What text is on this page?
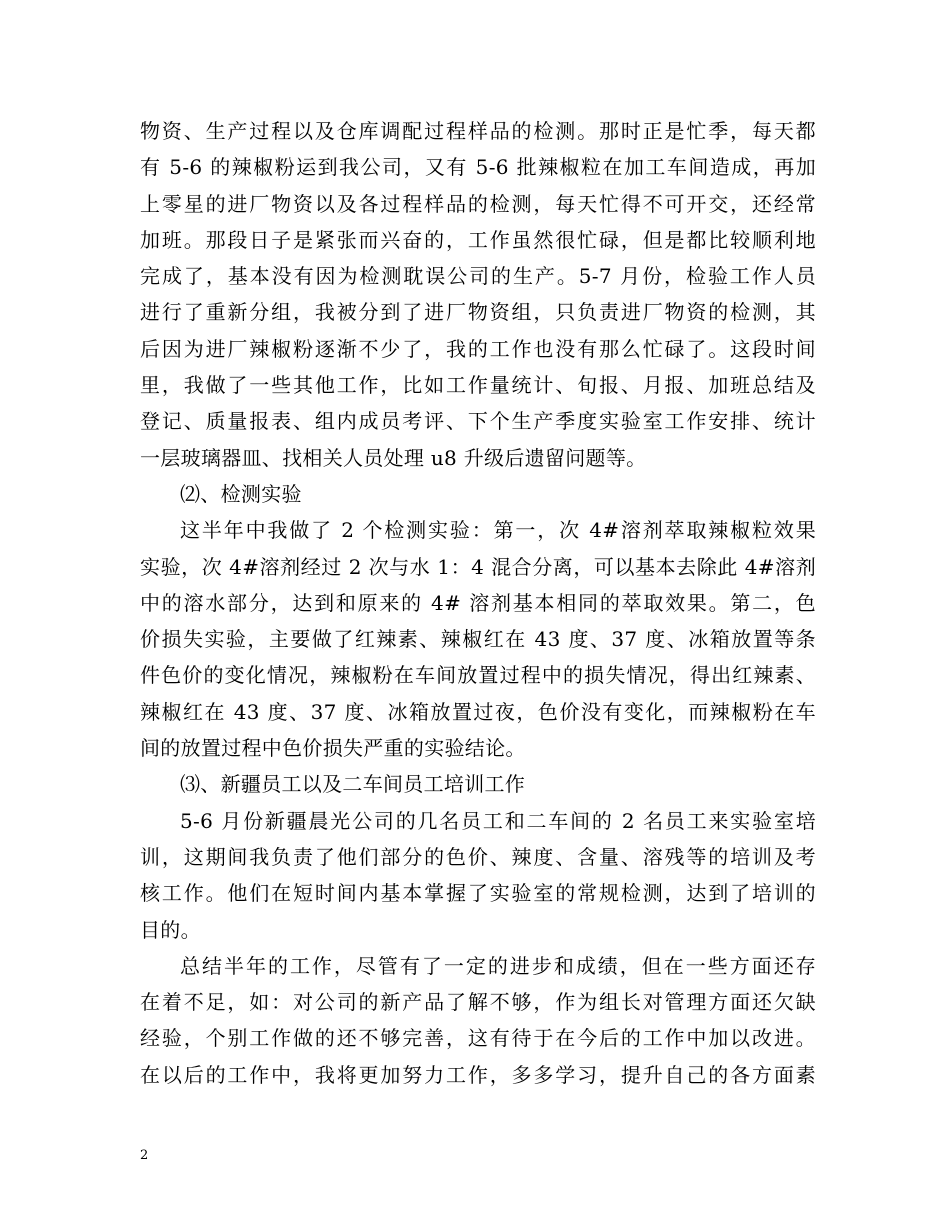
物资、生产过程以及仓库调配过程样品的检测。那时正是忙季，每天都
有 5-6 的辣椒粉运到我公司，又有 5-6 批辣椒粒在加工车间造成，再加
上零星的进厂物资以及各过程样品的检测，每天忙得不可开交，还经常
加班。那段日子是紧张而兴奋的，工作虽然很忙碌，但是都比较顺利地
完成了，基本没有因为检测耽误公司的生产。5-7 月份，检验工作人员
进行了重新分组，我被分到了进厂物资组，只负责进厂物资的检测，其
后因为进厂辣椒粉逐渐不少了，我的工作也没有那么忙碌了。这段时间
里，我做了一些其他工作，比如工作量统计、旬报、月报、加班总结及
登记、质量报表、组内成员考评、下个生产季度实验室工作安排、统计
一层玻璃器皿、找相关人员处理 u8 升级后遗留问题等。
⑵、检测实验
这半年中我做了 2 个检测实验：第一，次 4#溶剂萃取辣椒粒效果
实验，次 4#溶剂经过 2 次与水 1：4 混合分离，可以基本去除此 4#溶剂
中的溶水部分，达到和原来的 4# 溶剂基本相同的萃取效果。第二，色
价损失实验，主要做了红辣素、辣椒红在 43 度、37 度、冰箱放置等条
件色价的变化情况，辣椒粉在车间放置过程中的损失情况，得出红辣素、
辣椒红在 43 度、37 度、冰箱放置过夜，色价没有变化，而辣椒粉在车
间的放置过程中色价损失严重的实验结论。
⑶、新疆员工以及二车间员工培训工作
5-6 月份新疆晨光公司的几名员工和二车间的 2 名员工来实验室培
训，这期间我负责了他们部分的色价、辣度、含量、溶残等的培训及考
核工作。他们在短时间内基本掌握了实验室的常规检测，达到了培训的
目的。
总结半年的工作，尽管有了一定的进步和成绩，但在一些方面还存
在着不足，如：对公司的新产品了解不够，作为组长对管理方面还欠缺
经验，个别工作做的还不够完善，这有待于在今后的工作中加以改进。
在以后的工作中，我将更加努力工作，多多学习，提升自己的各方面素
2
